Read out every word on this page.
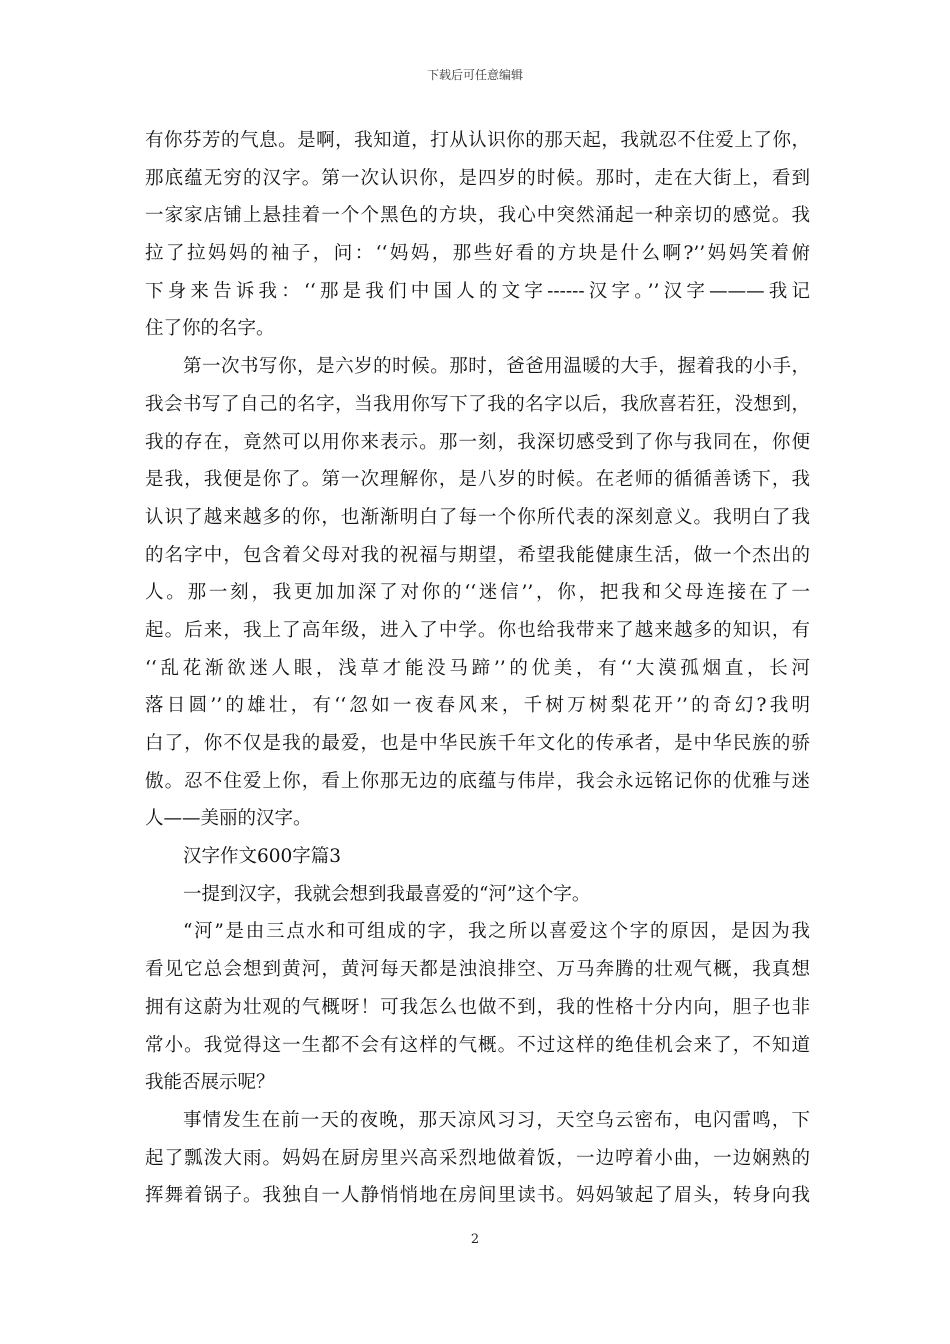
下载后可任意编辑
有你芬芳的气息。是啊，我知道，打从认识你的那天起，我就忍不住爱上了你，
那底蕴无穷的汉字。第一次认识你，是四岁的时候。那时，走在大街上，看到
一家家店铺上悬挂着一个个黑色的方块，我心中突然涌起一种亲切的感觉。我
拉了拉妈妈的袖子，问：‘‘妈妈，那些好看的方块是什么啊?’’妈妈笑着俯
下身来告诉我：‘‘那是我们中国人的文字------汉字。’’汉字———我记
住了你的名字。
第一次书写你，是六岁的时候。那时，爸爸用温暖的大手，握着我的小手，
我会书写了自己的名字，当我用你写下了我的名字以后，我欣喜若狂，没想到，
我的存在，竟然可以用你来表示。那一刻，我深切感受到了你与我同在，你便
是我，我便是你了。第一次理解你，是八岁的时候。在老师的循循善诱下，我
认识了越来越多的你，也渐渐明白了每一个你所代表的深刻意义。我明白了我
的名字中，包含着父母对我的祝福与期望，希望我能健康生活，做一个杰出的
人。那一刻，我更加加深了对你的‘‘迷信’’，你，把我和父母连接在了一
起。后来，我上了高年级，进入了中学。你也给我带来了越来越多的知识，有
‘‘乱花渐欲迷人眼，浅草才能没马蹄’’的优美，有‘‘大漠孤烟直，长河
落日圆’’的雄壮，有‘‘忽如一夜春风来，千树万树梨花开’’的奇幻?我明
白了，你不仅是我的最爱，也是中华民族千年文化的传承者，是中华民族的骄
傲。忍不住爱上你，看上你那无边的底蕴与伟岸，我会永远铭记你的优雅与迷
人——美丽的汉字。
汉字作文600字篇3
一提到汉字，我就会想到我最喜爱的“河”这个字。
“河”是由三点水和可组成的字，我之所以喜爱这个字的原因，是因为我
看见它总会想到黄河，黄河每天都是浊浪排空、万马奔腾的壮观气概，我真想
拥有这蔚为壮观的气概呀！可我怎么也做不到，我的性格十分内向，胆子也非
常小。我觉得这一生都不会有这样的气概。不过这样的绝佳机会来了，不知道
我能否展示呢？
事情发生在前一天的夜晚，那天凉风习习，天空乌云密布，电闪雷鸣，下
起了瓢泼大雨。妈妈在厨房里兴高采烈地做着饭，一边哼着小曲，一边娴熟的
挥舞着锅子。我独自一人静悄悄地在房间里读书。妈妈皱起了眉头，转身向我
2
